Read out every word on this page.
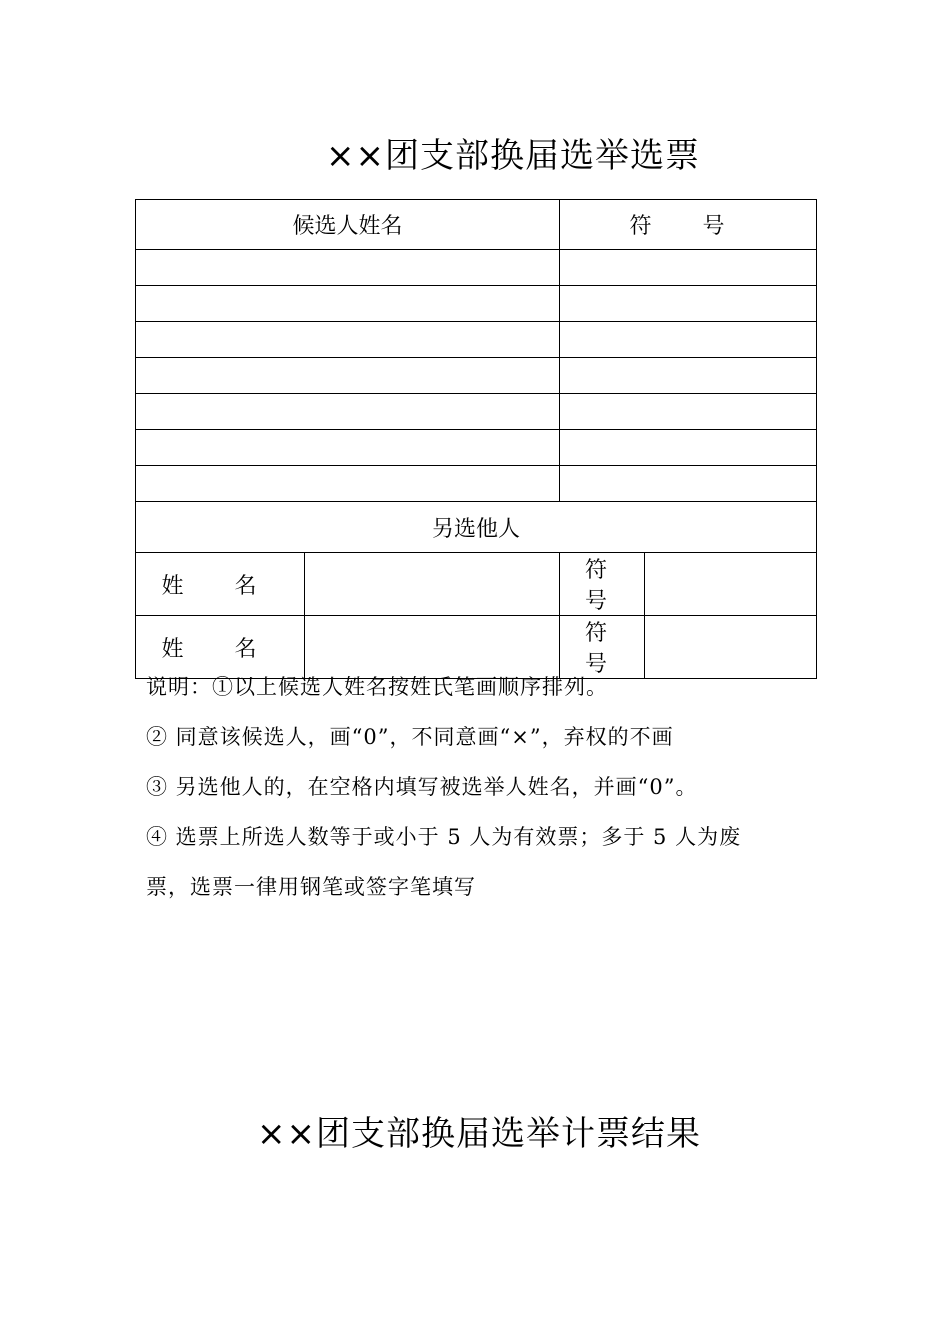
××团支部换届选举选票
候选人姓名		符 号	

另选他人			
姓 名		符 号	
姓 名		符 号	

说明：①以上候选人姓名按姓氏笔画顺序排列。

② 同意该候选人，画“0”，不同意画“×”，弃权的不画

③ 另选他人的，在空格内填写被选举人姓名，并画“0”。

④ 选票上所选人数等于或小于 5 人为有效票；多于 5 人为废

票，选票一律用钢笔或签字笔填写

××团支部换届选举计票结果
